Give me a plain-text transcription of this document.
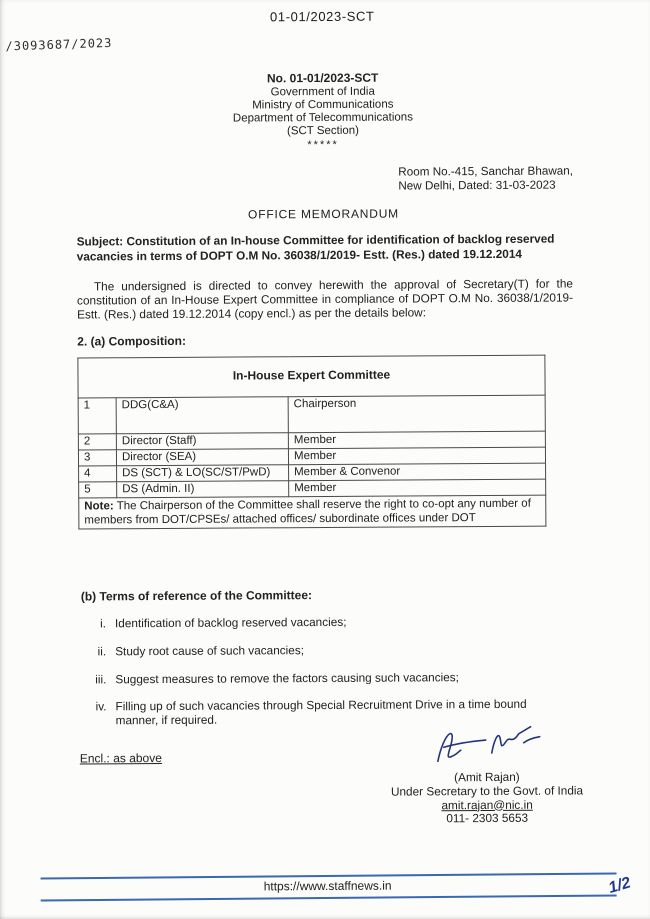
01-01/2023-SCT
/3093687/2023
No. 01-01/2023-SCT
Government of India
Ministry of Communications
Department of Telecommunications
(SCT Section)
*****
Room No.-415, Sanchar Bhawan,
New Delhi, Dated: 31-03-2023
OFFICE MEMORANDUM

Subject: Constitution of an In-house Committee for identification of backlog reserved vacancies in terms of DOPT O.M No. 36038/1/2019- Estt. (Res.) dated 19.12.2014

The undersigned is directed to convey herewith the approval of Secretary(T) for the constitution of an In-House Expert Committee in compliance of DOPT O.M No. 36038/1/2019- Estt. (Res.) dated 19.12.2014 (copy encl.) as per the details below:

2. (a) Composition:
In-House Expert Committee		
1	DDG(C&A)	Chairperson
2	Director (Staff)	Member
3	Director (SEA)	Member
4	DS (SCT) & LO(SC/ST/PwD)	Member & Convenor
5	DS (Admin. II)	Member
Note: The Chairperson of the Committee shall reserve the right to co-opt any number of members from DOT/CPSEs/ attached offices/ subordinate offices under DOT		
(b) Terms of reference of the Committee:
i. Identification of backlog reserved vacancies;
ii. Study root cause of such vacancies;
iii. Suggest measures to remove the factors causing such vacancies;
iv. Filling up of such vacancies through Special Recruitment Drive in a time bound manner, if required.
Encl.: as above
(Amit Rajan)
Under Secretary to the Govt. of India
amit.rajan@nic.in
011- 2303 5653
https://www.staffnews.in	1/2
